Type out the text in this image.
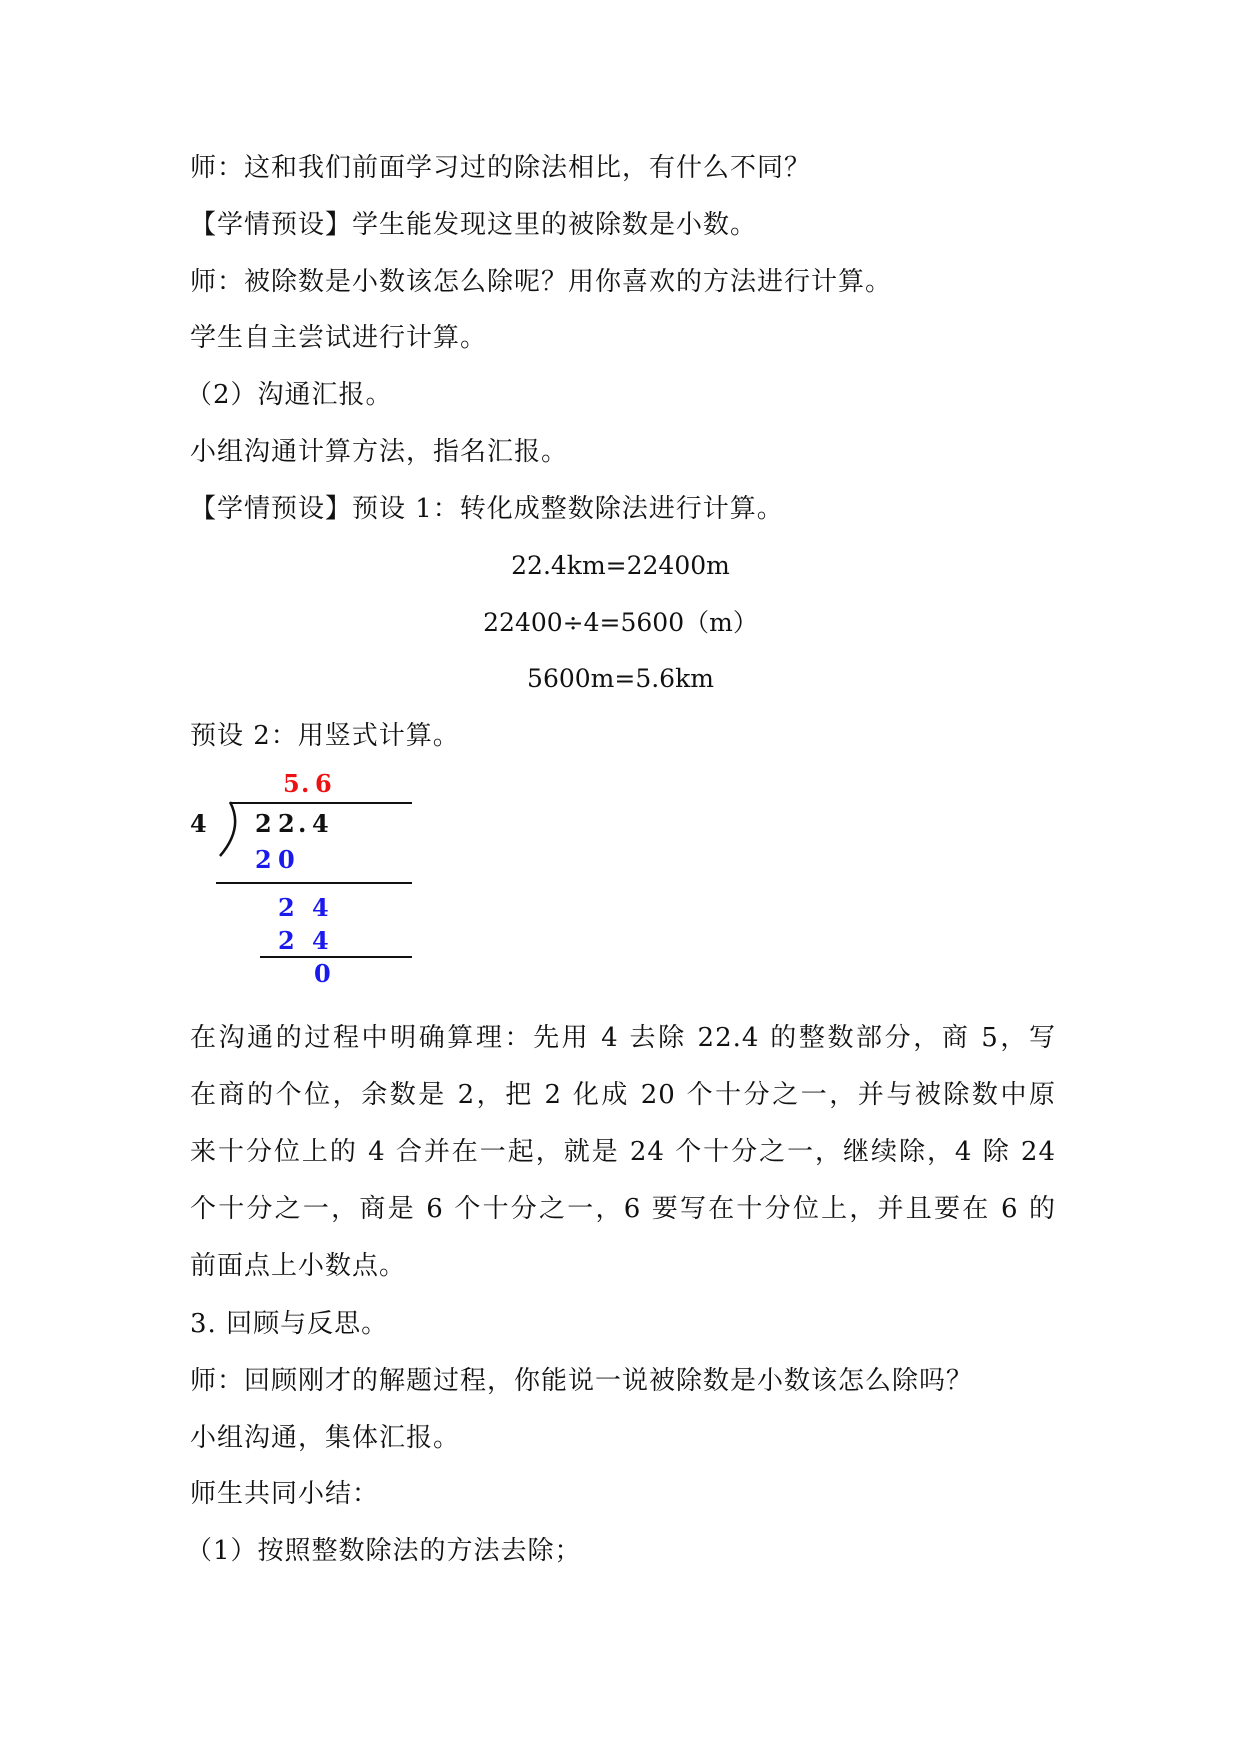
师：这和我们前面学习过的除法相比，有什么不同？

【学情预设】学生能发现这里的被除数是小数。

师：被除数是小数该怎么除呢？用你喜欢的方法进行计算。

学生自主尝试进行计算。

（2）沟通汇报。

小组沟通计算方法，指名汇报。

【学情预设】预设 1：转化成整数除法进行计算。

22.4km=22400m
22400÷4=5600（m）
5600m=5.6km

预设 2：用竖式计算。

5 . 6
4 2 2 . 4
2 0
2 4
2 4
0
在沟通的过程中明确算理：先用 4 去除 22.4 的整数部分，商 5，写
在商的个位，余数是 2，把 2 化成 20 个十分之一，并与被除数中原
来十分位上的 4 合并在一起，就是 24 个十分之一，继续除，4 除 24
个十分之一，商是 6 个十分之一，6 要写在十分位上，并且要在 6 的
前面点上小数点。

3. 回顾与反思。

师：回顾刚才的解题过程，你能说一说被除数是小数该怎么除吗？

小组沟通，集体汇报。

师生共同小结：

（1）按照整数除法的方法去除；
